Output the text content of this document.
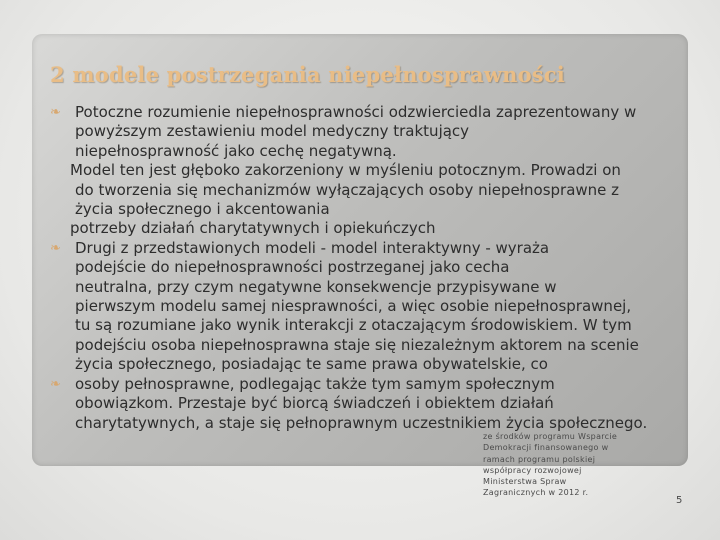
2 modele postrzegania niepełnosprawności
❧ Potoczne rozumienie niepełnosprawności odzwierciedla zaprezentowany w
powyższym zestawieniu model medyczny traktujący
niepełnosprawność jako cechę negatywną.
Model ten jest głęboko zakorzeniony w myśleniu potocznym. Prowadzi on
do tworzenia się mechanizmów wyłączających osoby niepełnosprawne z
życia społecznego i akcentowania
potrzeby działań charytatywnych i opiekuńczych
❧ Drugi z przedstawionych modeli - model interaktywny - wyraża
podejście do niepełnosprawności postrzeganej jako cecha
neutralna, przy czym negatywne konsekwencje przypisywane w
pierwszym modelu samej niesprawności, a więc osobie niepełnosprawnej,
tu są rozumiane jako wynik interakcji z otaczającym środowiskiem. W tym
podejściu osoba niepełnosprawna staje się niezależnym aktorem na scenie
życia społecznego, posiadając te same prawa obywatelskie, co
❧ osoby pełnosprawne, podlegając także tym samym społecznym
obowiązkom. Przestaje być biorcą świadczeń i obiektem działań
charytatywnych, a staje się pełnoprawnym uczestnikiem życia społecznego.
ze środków programu Wsparcie
Demokracji finansowanego w
ramach programu polskiej
współpracy rozwojowej
Ministerstwa Spraw
Zagranicznych w 2012 r.
5
